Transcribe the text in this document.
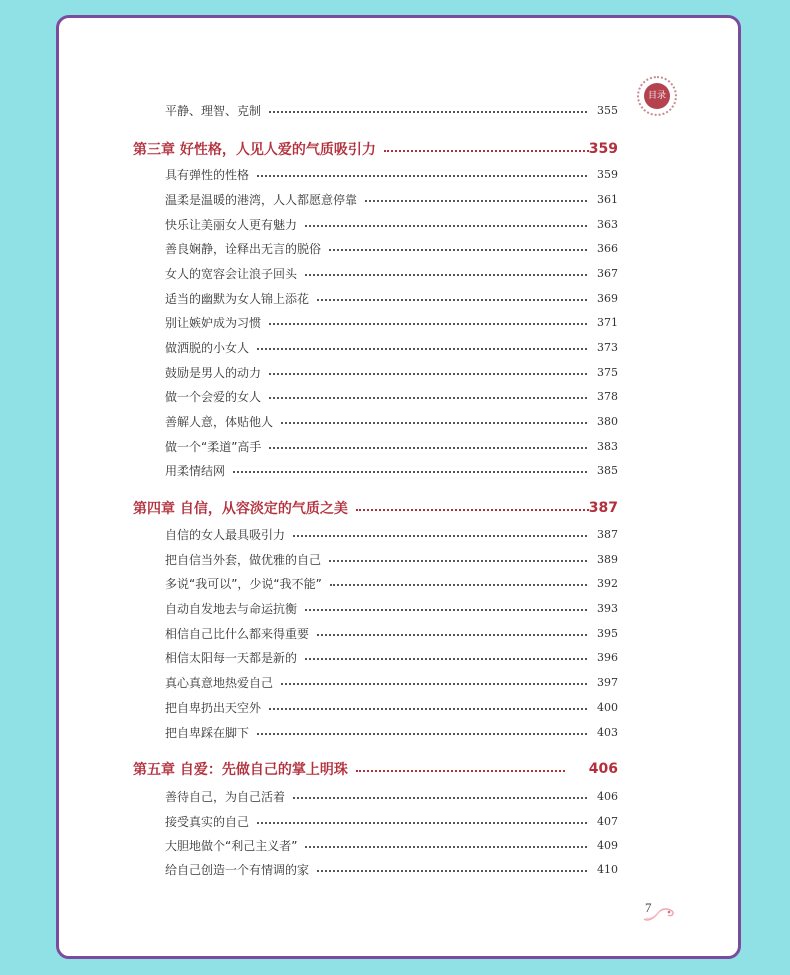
目录
平静、理智、克制	355
第三章 好性格，人见人爱的气质吸引力	359
具有弹性的性格	359
温柔是温暖的港湾，人人都愿意停靠	361
快乐让美丽女人更有魅力	363
善良娴静，诠释出无言的脱俗	366
女人的宽容会让浪子回头	367
适当的幽默为女人锦上添花	369
别让嫉妒成为习惯	371
做洒脱的小女人	373
鼓励是男人的动力	375
做一个会爱的女人	378
善解人意，体贴他人	380
做一个“柔道”高手	383
用柔情结网	385
第四章 自信，从容淡定的气质之美	387
自信的女人最具吸引力	387
把自信当外套，做优雅的自己	389
多说“我可以”，少说“我不能”	392
自动自发地去与命运抗衡	393
相信自己比什么都来得重要	395
相信太阳每一天都是新的	396
真心真意地热爱自己	397
把自卑扔出天空外	400
把自卑踩在脚下	403
第五章 自爱：先做自己的掌上明珠	406
善待自己，为自己活着	406
接受真实的自己	407
大胆地做个“利己主义者”	409
给自己创造一个有情调的家	410
7
